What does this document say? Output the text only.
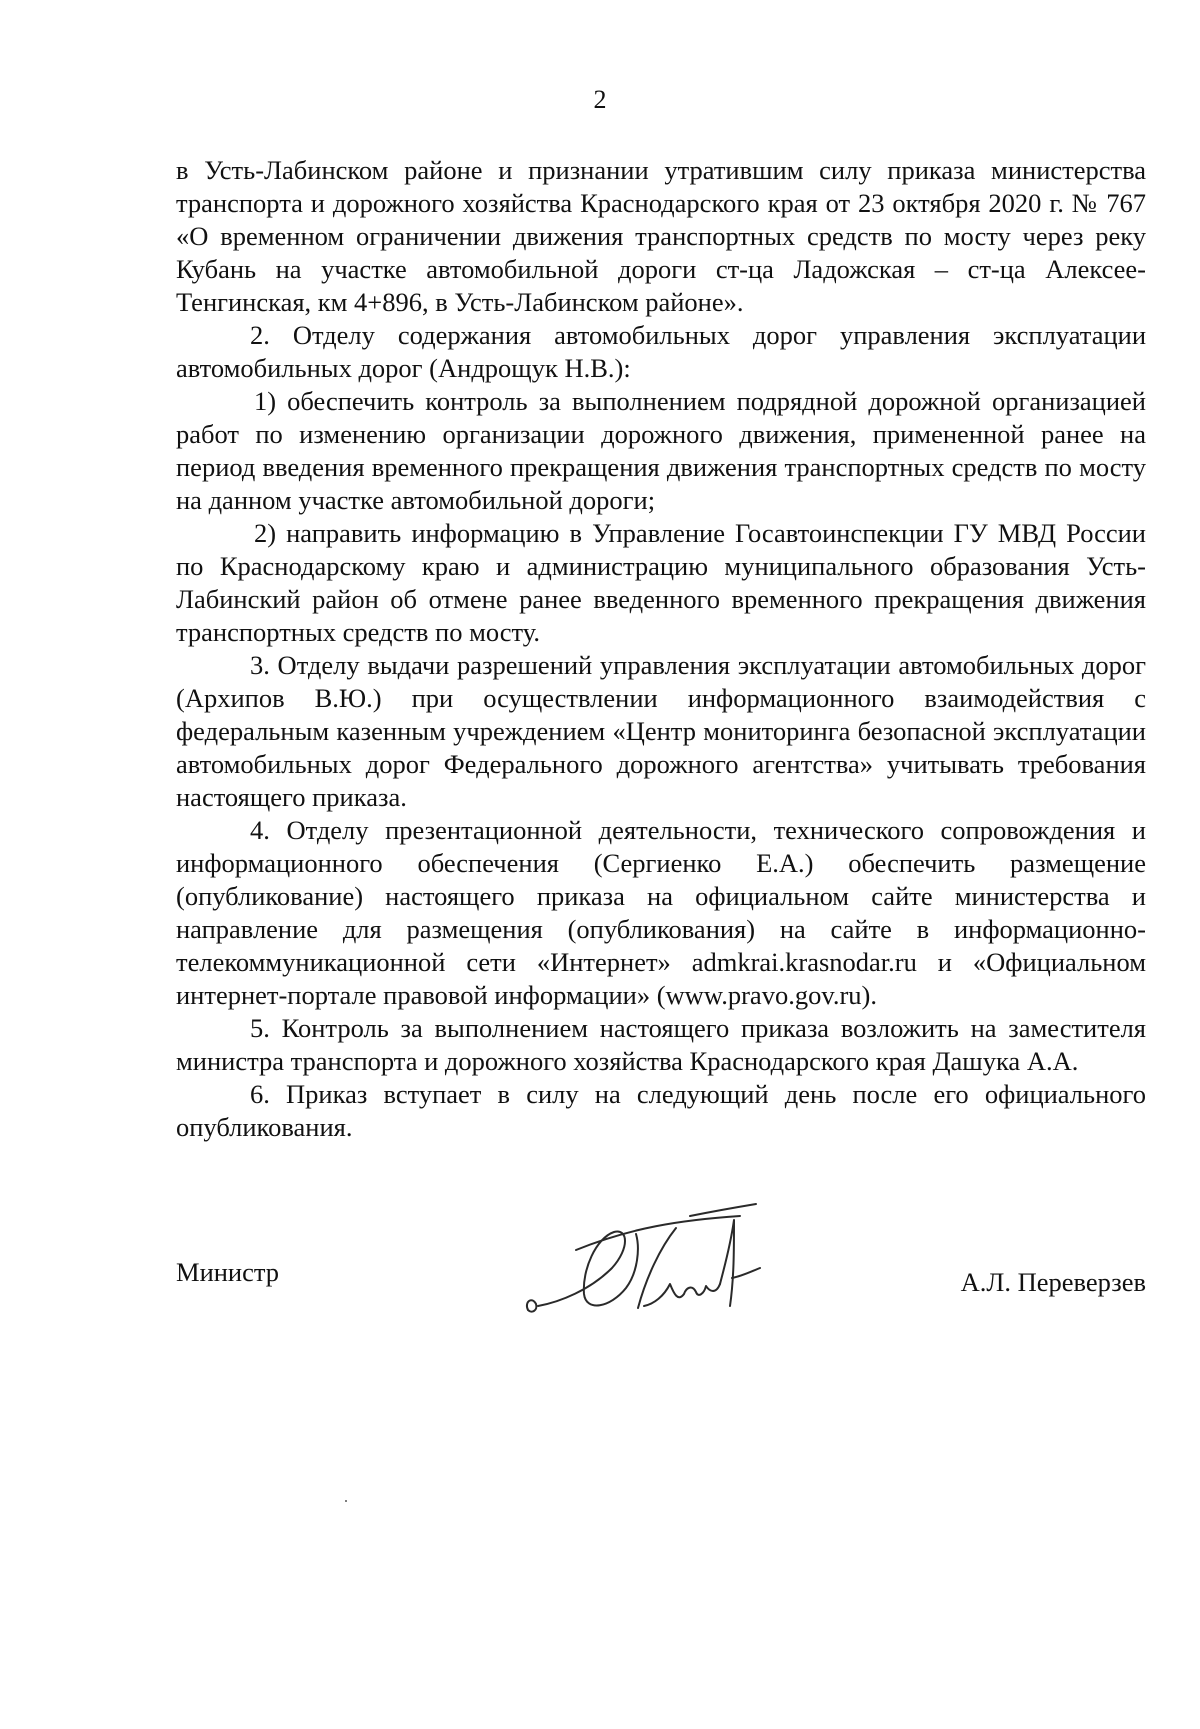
2

в Усть-Лабинском районе и признании утратившим силу приказа министерства транспорта и дорожного хозяйства Краснодарского края от 23 октября 2020 г. № 767 «О временном ограничении движения транспортных средств по мосту через реку Кубань на участке автомобильной дороги ст-ца Ладожская – ст-ца Алексее-Тенгинская, км 4+896, в Усть-Лабинском районе».

2. Отделу содержания автомобильных дорог управления эксплуатации автомобильных дорог (Андрощук Н.В.):

1) обеспечить контроль за выполнением подрядной дорожной организацией работ по изменению организации дорожного движения, примененной ранее на период введения временного прекращения движения транспортных средств по мосту на данном участке автомобильной дороги;

2) направить информацию в Управление Госавтоинспекции ГУ МВД России по Краснодарскому краю и администрацию муниципального образования Усть-Лабинский район об отмене ранее введенного временного прекращения движения транспортных средств по мосту.

3. Отделу выдачи разрешений управления эксплуатации автомобильных дорог (Архипов В.Ю.) при осуществлении информационного взаимодействия с федеральным казенным учреждением «Центр мониторинга безопасной эксплуатации автомобильных дорог Федерального дорожного агентства» учитывать требования настоящего приказа.

4. Отделу презентационной деятельности, технического сопровождения и информационного обеспечения (Сергиенко Е.А.) обеспечить размещение (опубликование) настоящего приказа на официальном сайте министерства и направление для размещения (опубликования) на сайте в информационно-телекоммуникационной сети «Интернет» admkrai.krasnodar.ru и «Официальном интернет-портале правовой информации» (www.pravo.gov.ru).

5. Контроль за выполнением настоящего приказа возложить на заместителя министра транспорта и дорожного хозяйства Краснодарского края Дашука А.А.

6. Приказ вступает в силу на следующий день после его официального опубликования.

Министр	А.Л. Переверзев
